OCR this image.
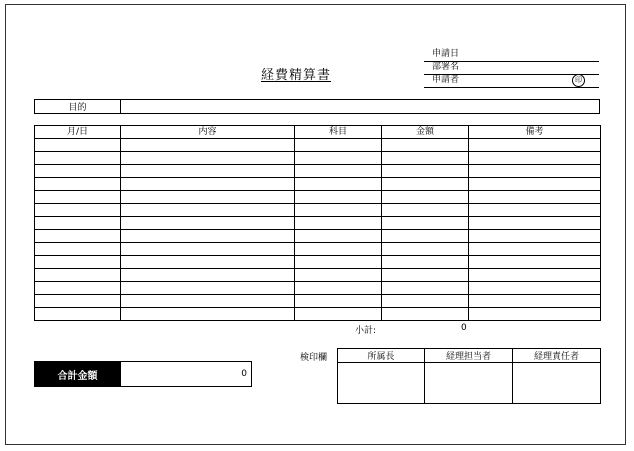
経費精算書
申請日
部署名
申請者	印
目的	
月/日	内容	科目	金額	備考

小計:	0
合計金額	0
検印欄	所属長	経理担当者	経理責任者
